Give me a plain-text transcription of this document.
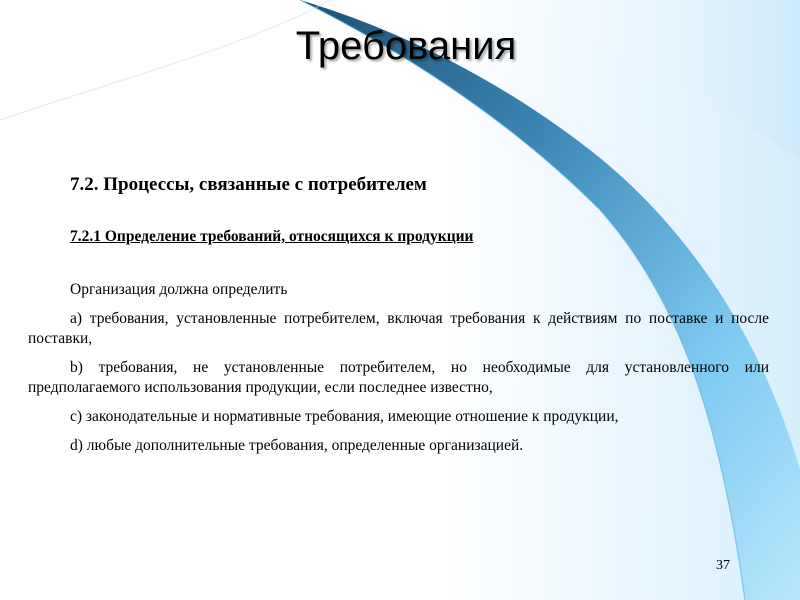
Требования
7.2. Процессы, связанные с потребителем
7.2.1 Определение требований, относящихся к продукции
Организация должна определить
а) требования, установленные потребителем, включая требования к действиям по поставке и после поставки,
b) требования, не установленные потребителем, но необходимые для установленного или предполагаемого использования продукции, если последнее известно,
с) законодательные и нормативные требования, имеющие отношение к продукции,
d) любые дополнительные требования, определенные организацией.
37
